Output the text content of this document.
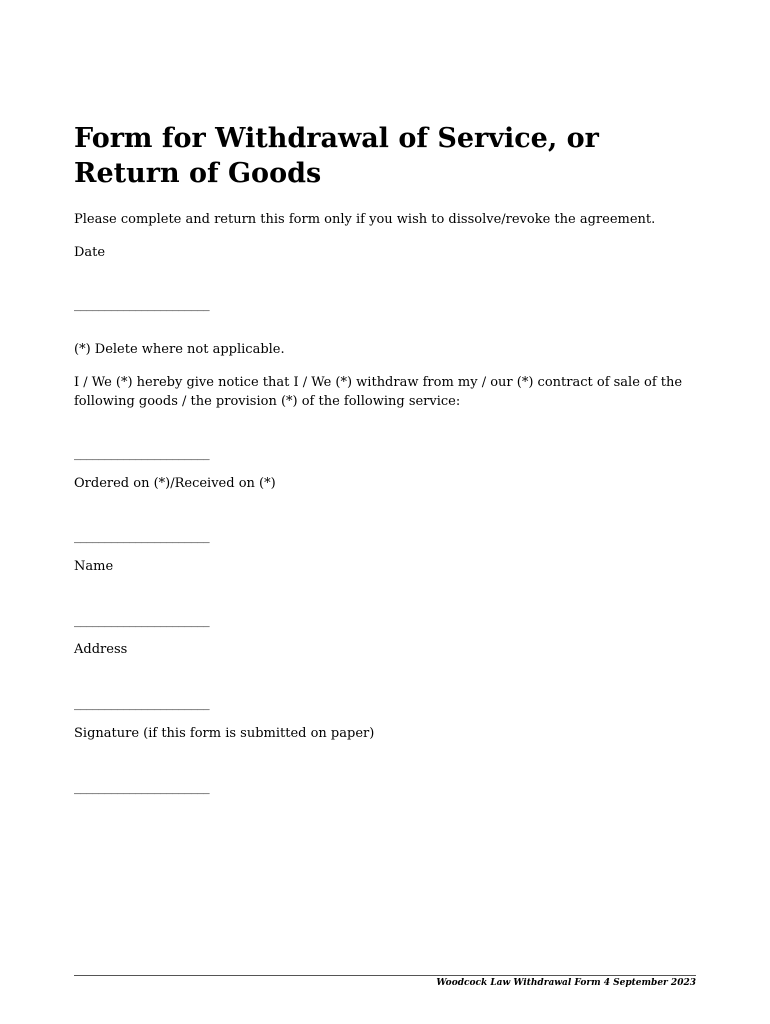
Form for Withdrawal of Service, or Return of Goods

Please complete and return this form only if you wish to dissolve/revoke the agreement.

Date

______________________

(*) Delete where not applicable.

I / We (*) hereby give notice that I / We (*) withdraw from my / our (*) contract of sale of the following goods / the provision (*) of the following service:

______________________

Ordered on (*)/Received on (*)

______________________

Name

______________________

Address

______________________

Signature (if this form is submitted on paper)

______________________

Woodcock Law Withdrawal Form 4 September 2023
